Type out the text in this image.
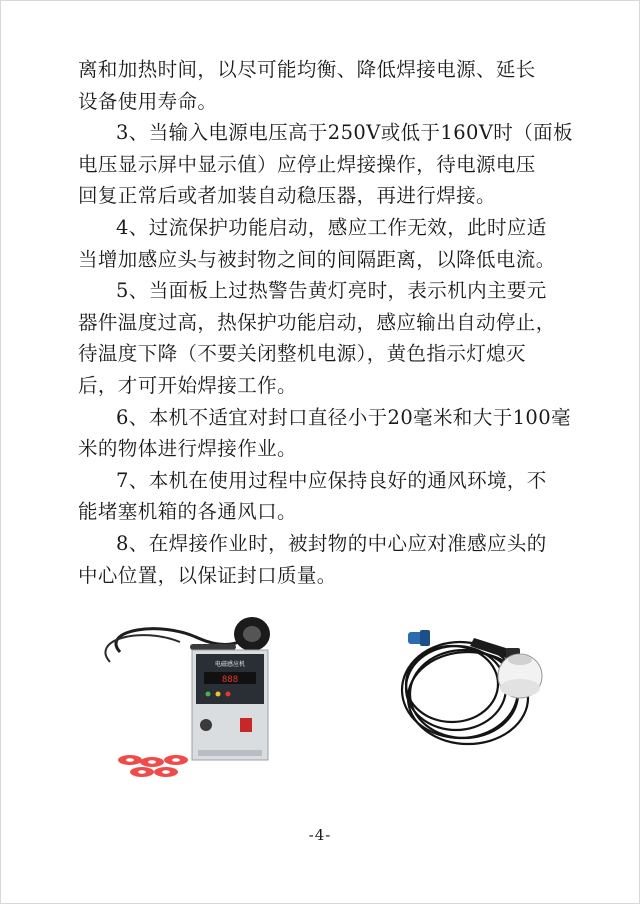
离和加热时间，以尽可能均衡、降低焊接电源、延长
设备使用寿命。
3、当输入电源电压高于250V或低于160V时（面板
电压显示屏中显示值）应停止焊接操作，待电源电压
回复正常后或者加装自动稳压器，再进行焊接。
4、过流保护功能启动，感应工作无效，此时应适
当增加感应头与被封物之间的间隔距离，以降低电流。
5、当面板上过热警告黄灯亮时，表示机内主要元
器件温度过高，热保护功能启动，感应输出自动停止，
待温度下降（不要关闭整机电源），黄色指示灯熄灭
后，才可开始焊接工作。
6、本机不适宜对封口直径小于20毫米和大于100毫
米的物体进行焊接作业。
7、本机在使用过程中应保持良好的通风环境，不
能堵塞机箱的各通风口。
8、在焊接作业时，被封物的中心应对准感应头的
中心位置，以保证封口质量。
电磁感应机
888
-4-
